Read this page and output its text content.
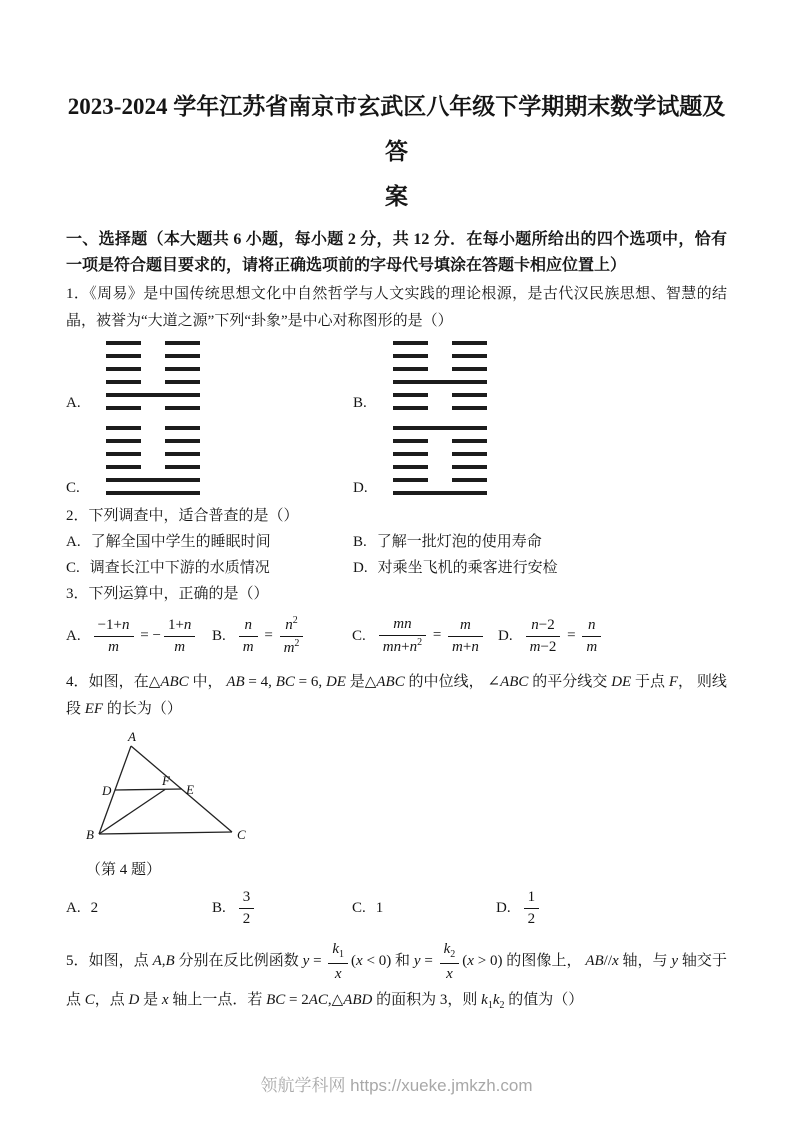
2023-2024 学年江苏省南京市玄武区八年级下学期期末数学试题及答
案

一、选择题（本大题共 6 小题，每小题 2 分，共 12 分．在每小题所给出的四个选项中，恰有一项是符合题目要求的，请将正确选项前的字母代号填涂在答题卡相应位置上）

1．《周易》是中国传统思想文化中自然哲学与人文实践的理论根源，是古代汉民族思想、智慧的结晶，被誉为“大道之源”下列“卦象”是中心对称图形的是（）

A.	B.
C.	D.

2．下列调查中，适合普查的是（）

A. 了解全国中学生的睡眠时间	B. 了解一批灯泡的使用寿命
C. 调查长江中下游的水质情况	D. 对乘坐飞机的乘客进行安检

3．下列运算中，正确的是（）

A. $\frac{-1+n}{m}$ = − $\frac{1+n}{m} B$. $\frac{n}{m} = \frac{n^2}{m^2}$	C. $\frac{mn}{mn+n^2} = \frac{m}{m+n} D$. $\frac{n-2}{m-2} = \frac{n}{m}$

4．如图，在△ABC 中， AB = 4, BC = 6, DE 是△ABC 的中位线， ∠ABC 的平分线交 DE 于点 F， 则线段 EF 的长为（）

A
B	C
D	E
F

（第 4 题）

A. 2	B. $\frac{3}{2}$	C. 1	D. $\frac{1}{2}$

5．如图，点 A,B 分别在反比例函数 $y = \frac{k_1}{x} (x < 0)$ 和 $y = \frac{k_2}{x} (x > 0)$ 的图像上， AB//x 轴，与 y 轴交于点 C，点 D 是 x 轴上一点．若 BC = 2AC,△ABD 的面积为 3，则 $k_1k_2$ 的值为（）

领航学科网 https://xueke.jmkzh.com
